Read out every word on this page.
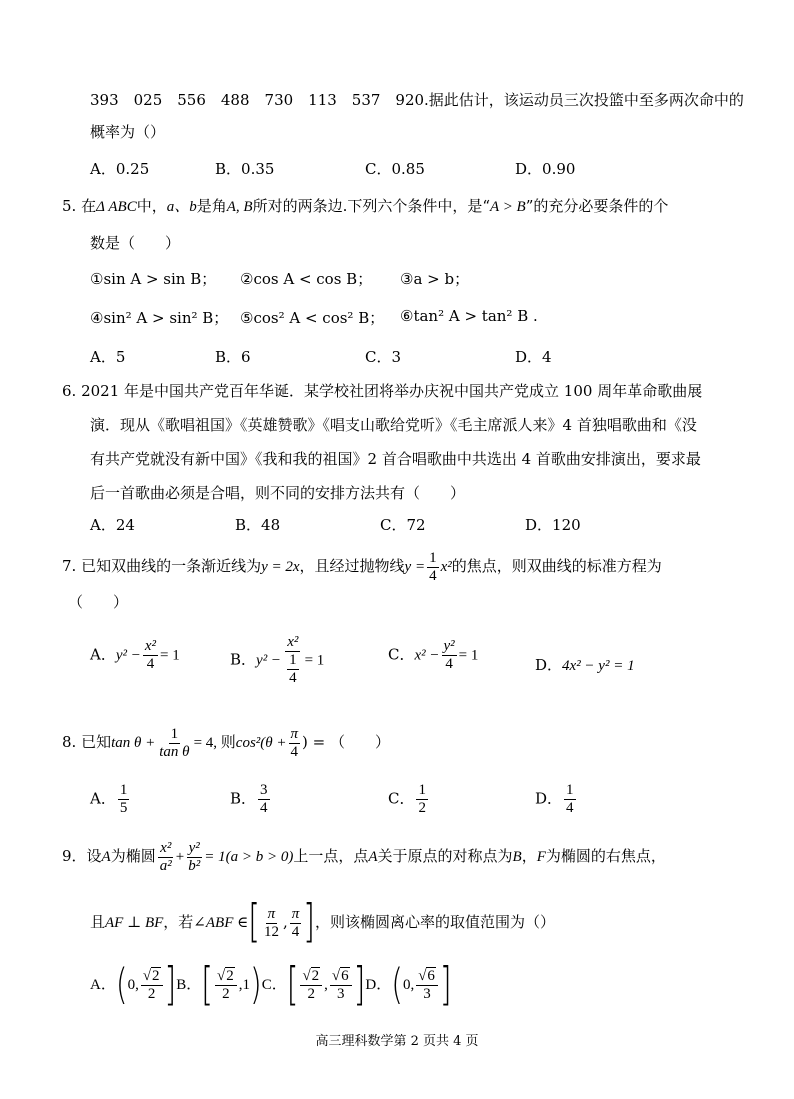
393　025　556　488　730　113　537　920.据此估计，该运动员三次投篮中至多两次命中的
概率为（）
A．0.25	B．0.35	C．0.85	D．0.90
5. 在Δ ABC中，a、b是角A, B所对的两条边.下列六个条件中，是“A > B”的充分必要条件的个
数是（　　）
①sin A > sin B； ②cos A < cos B； ③a > b；
④sin² A > sin² B； ⑤cos² A < cos² B； ⑥tan² A > tan² B .
A．5	B．6	C．3	D．4
6. 2021 年是中国共产党百年华诞．某学校社团将举办庆祝中国共产党成立 100 周年革命歌曲展
演．现从《歌唱祖国》《英雄赞歌》《唱支山歌给党听》《毛主席派人来》4 首独唱歌曲和《没
有共产党就没有新中国》《我和我的祖国》2 首合唱歌曲中共选出 4 首歌曲安排演出，要求最
后一首歌曲必须是合唱，则不同的安排方法共有（　　）
A．24	B．48	C．72	D．120
7. 已知双曲线的一条渐近线为y = 2x，且经过抛物线$y = \frac{1}{4} x^2$的焦点，则双曲线的标准方程为
（　　）
A．$y^2 - \frac{\text{x²}}{4} = 1$	B．$y^2 - \frac{\text{x²}}{\frac{1}{4}} = 1$	C．$x^2 - \frac{\text{y²}}{4} = 1$
D．4x² − y² = 1
8. 已知$\tan \theta + \frac{1}{\text{tan θ}} = 4$, 则$\cos^2(\theta + \frac{\pi}{4}$ ) = （　　）
A． $\frac{1}{5}$	B． $\frac{3}{4}$	C． $\frac{1}{2}$	D． $\frac{1}{4}$
9．设A为椭圆 $\frac{\text{x²}}{\text{a²}} + \frac{\text{y²}}{\text{b²}} = 1(a > b > 0)$上一点，点A关于原点的对称点为B，F为椭圆的右焦点，
且AF ⊥ BF，若∠ABF ∈[ $\frac{\pi}{12}$ , $\frac{\pi}{4}$ ]，则该椭圆离心率的取值范围为（）
A．(0, $\frac{√2}{2} ]B$．[ $\frac{√2}{2} ,1)C$．[ $\frac{√2}{2}$ , $\frac{√6}{3} ]D$．(0, $\frac{√6}{3}$ ]
高三理科数学第 2 页共 4 页
